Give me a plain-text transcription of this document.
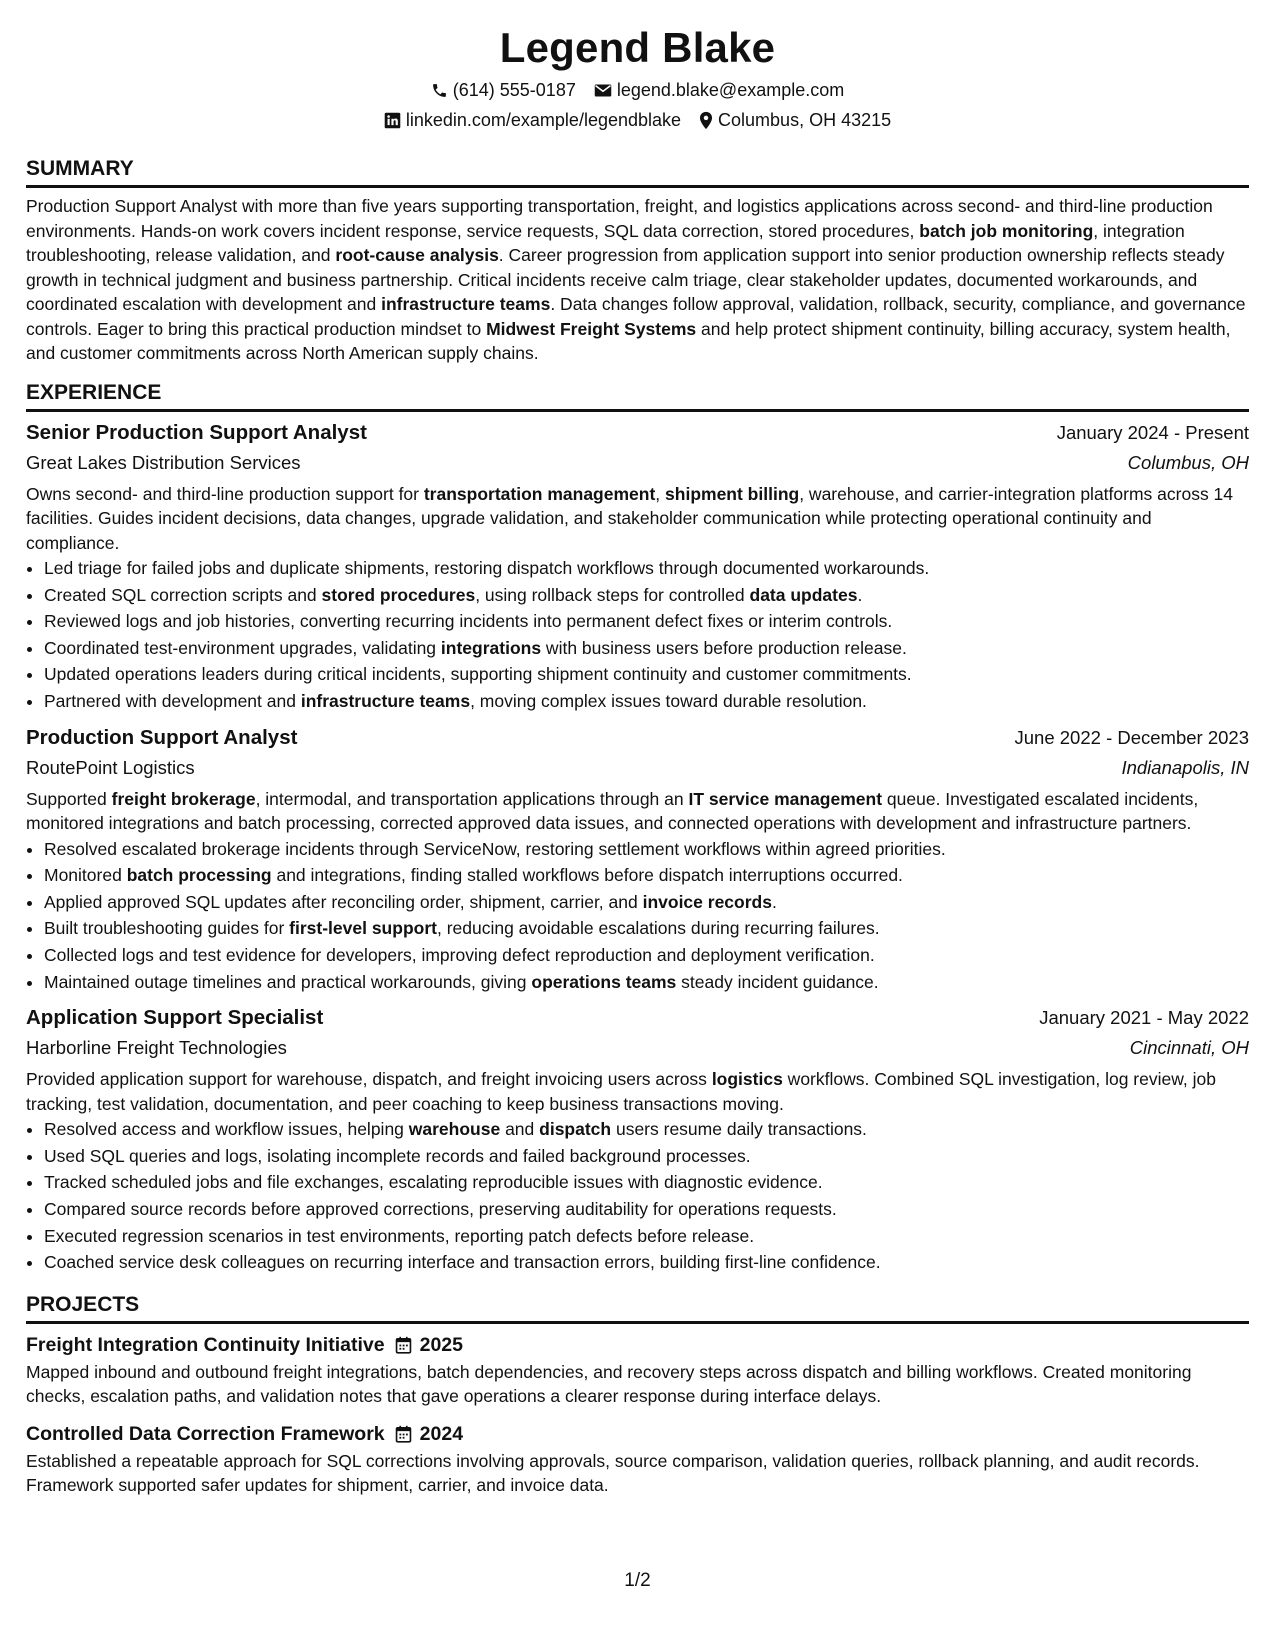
Legend Blake
(614) 555-0187 legend.blake@example.com
linkedin.com/example/legendblake Columbus, OH 43215
SUMMARY

Production Support Analyst with more than five years supporting transportation, freight, and logistics applications across second- and third-line production environments. Hands-on work covers incident response, service requests, SQL data correction, stored procedures, batch job monitoring, integration troubleshooting, release validation, and root-cause analysis. Career progression from application support into senior production ownership reflects steady growth in technical judgment and business partnership. Critical incidents receive calm triage, clear stakeholder updates, documented workarounds, and coordinated escalation with development and infrastructure teams. Data changes follow approval, validation, rollback, security, compliance, and governance controls. Eager to bring this practical production mindset to Midwest Freight Systems and help protect shipment continuity, billing accuracy, system health, and customer commitments across North American supply chains.

EXPERIENCE
Senior Production Support Analyst	January 2024 - Present
Great Lakes Distribution Services	Columbus, OH

Owns second- and third-line production support for transportation management, shipment billing, warehouse, and carrier-integration platforms across 14 facilities. Guides incident decisions, data changes, upgrade validation, and stakeholder communication while protecting operational continuity and compliance.

• Led triage for failed jobs and duplicate shipments, restoring dispatch workflows through documented workarounds.
• Created SQL correction scripts and stored procedures, using rollback steps for controlled data updates.
• Reviewed logs and job histories, converting recurring incidents into permanent defect fixes or interim controls.
• Coordinated test-environment upgrades, validating integrations with business users before production release.
• Updated operations leaders during critical incidents, supporting shipment continuity and customer commitments.
• Partnered with development and infrastructure teams, moving complex issues toward durable resolution.
Production Support Analyst	June 2022 - December 2023
RoutePoint Logistics	Indianapolis, IN

Supported freight brokerage, intermodal, and transportation applications through an IT service management queue. Investigated escalated incidents, monitored integrations and batch processing, corrected approved data issues, and connected operations with development and infrastructure partners.

• Resolved escalated brokerage incidents through ServiceNow, restoring settlement workflows within agreed priorities.
• Monitored batch processing and integrations, finding stalled workflows before dispatch interruptions occurred.
• Applied approved SQL updates after reconciling order, shipment, carrier, and invoice records.
• Built troubleshooting guides for first-level support, reducing avoidable escalations during recurring failures.
• Collected logs and test evidence for developers, improving defect reproduction and deployment verification.
• Maintained outage timelines and practical workarounds, giving operations teams steady incident guidance.
Application Support Specialist	January 2021 - May 2022
Harborline Freight Technologies	Cincinnati, OH

Provided application support for warehouse, dispatch, and freight invoicing users across logistics workflows. Combined SQL investigation, log review, job tracking, test validation, documentation, and peer coaching to keep business transactions moving.

• Resolved access and workflow issues, helping warehouse and dispatch users resume daily transactions.
• Used SQL queries and logs, isolating incomplete records and failed background processes.
• Tracked scheduled jobs and file exchanges, escalating reproducible issues with diagnostic evidence.
• Compared source records before approved corrections, preserving auditability for operations requests.
• Executed regression scenarios in test environments, reporting patch defects before release.
• Coached service desk colleagues on recurring interface and transaction errors, building first-line confidence.
PROJECTS
Freight Integration Continuity Initiative 2025

Mapped inbound and outbound freight integrations, batch dependencies, and recovery steps across dispatch and billing workflows. Created monitoring checks, escalation paths, and validation notes that gave operations a clearer response during interface delays.

Controlled Data Correction Framework 2024

Established a repeatable approach for SQL corrections involving approvals, source comparison, validation queries, rollback planning, and audit records. Framework supported safer updates for shipment, carrier, and invoice data.

1/2
